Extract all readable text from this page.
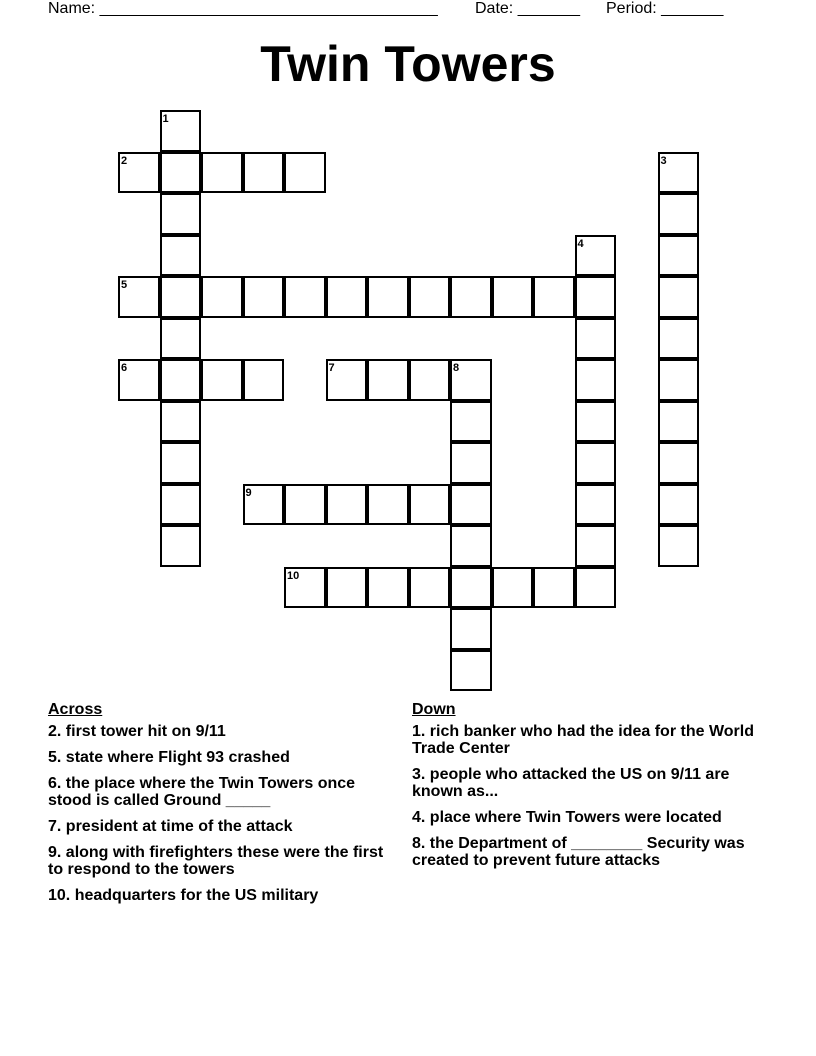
Name: ______________________________________ Date: _______ Period: _______
Twin Towers
1
2	3
4
5
6	7	8
9
10
Across
2. first tower hit on 9/11
5. state where Flight 93 crashed
6. the place where the Twin Towers once stood is called Ground _____
7. president at time of the attack
9. along with firefighters these were the first to respond to the towers
10. headquarters for the US military
Down
1. rich banker who had the idea for the World Trade Center
3. people who attacked the US on 9/11 are known as...
4. place where Twin Towers were located
8. the Department of ________ Security was created to prevent future attacks
